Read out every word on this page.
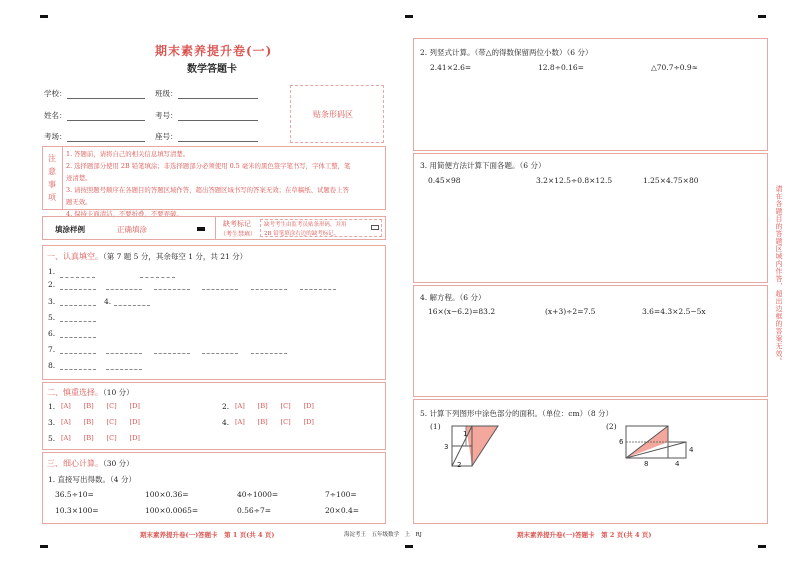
期末素养提升卷(一)
数学答题卡
学校：	班级：
姓名：	考号：
考场：	座号：
贴条形码区
注
意
事
项

1. 答题前，请将自己的相关信息填写清楚。

2. 选择题部分使用 2B 铅笔填涂；非选择题部分必须使用 0.5 毫米的黑色签字笔书写，字体工整，笔

迹清楚。

3. 请按照题号顺序在各题目的答题区域作答，超出答题区域书写的答案无效；在草稿纸、试题卷上答

题无效。

4. 保持卡面清洁，不要折叠，不要弄破。

填涂样例	正确填涂
缺考标记
（考生禁填）
缺考考生由监考员贴条形码，并用
2B 铅笔填涂右边的缺考标记。
一、认真填空。（第 7 题 5 分，其余每空 1 分，共 21 分）
1.
2.
3.	4.
5.
6.
7.
8.
二、慎重选择。（10 分）
1. [A] [B] [C] [D]	2. [A] [B] [C] [D]
3. [A] [B] [C] [D]	4. [A] [B] [C] [D]
5. [A] [B] [C] [D]
三、细心计算。（30 分）
1. 直接写出得数。（4 分）
36.5÷10=	100×0.36=	40÷1000=	7÷100=
10.3×100=	100×0.0065=	0.56÷7=	20×0.4=
期末素养提升卷(一)答题卡　第 1 页(共 4 页)	海淀考王　五年级数学　上　RJ	期末素养提升卷(一)答题卡　第 2 页(共 4 页)
2. 列竖式计算。（带△的得数保留两位小数）（6 分）
2.41×2.6=	12.8÷0.16=	△70.7÷0.9≈
3. 用简便方法计算下面各题。（6 分）
0.45×98	3.2×12.5÷0.8×12.5	1.25×4.75×80
4. 解方程。（6 分）
16×(x−6.2)=83.2	(x+3)÷2=7.5	3.6=4.3×2.5−5x
5. 计算下列图形中涂色部分的面积。（单位：cm）（8 分）
(1)
1
3
2
(2)
6
4
8	4
请在各题目的答题区域内作答，超出边框的答案无效。
